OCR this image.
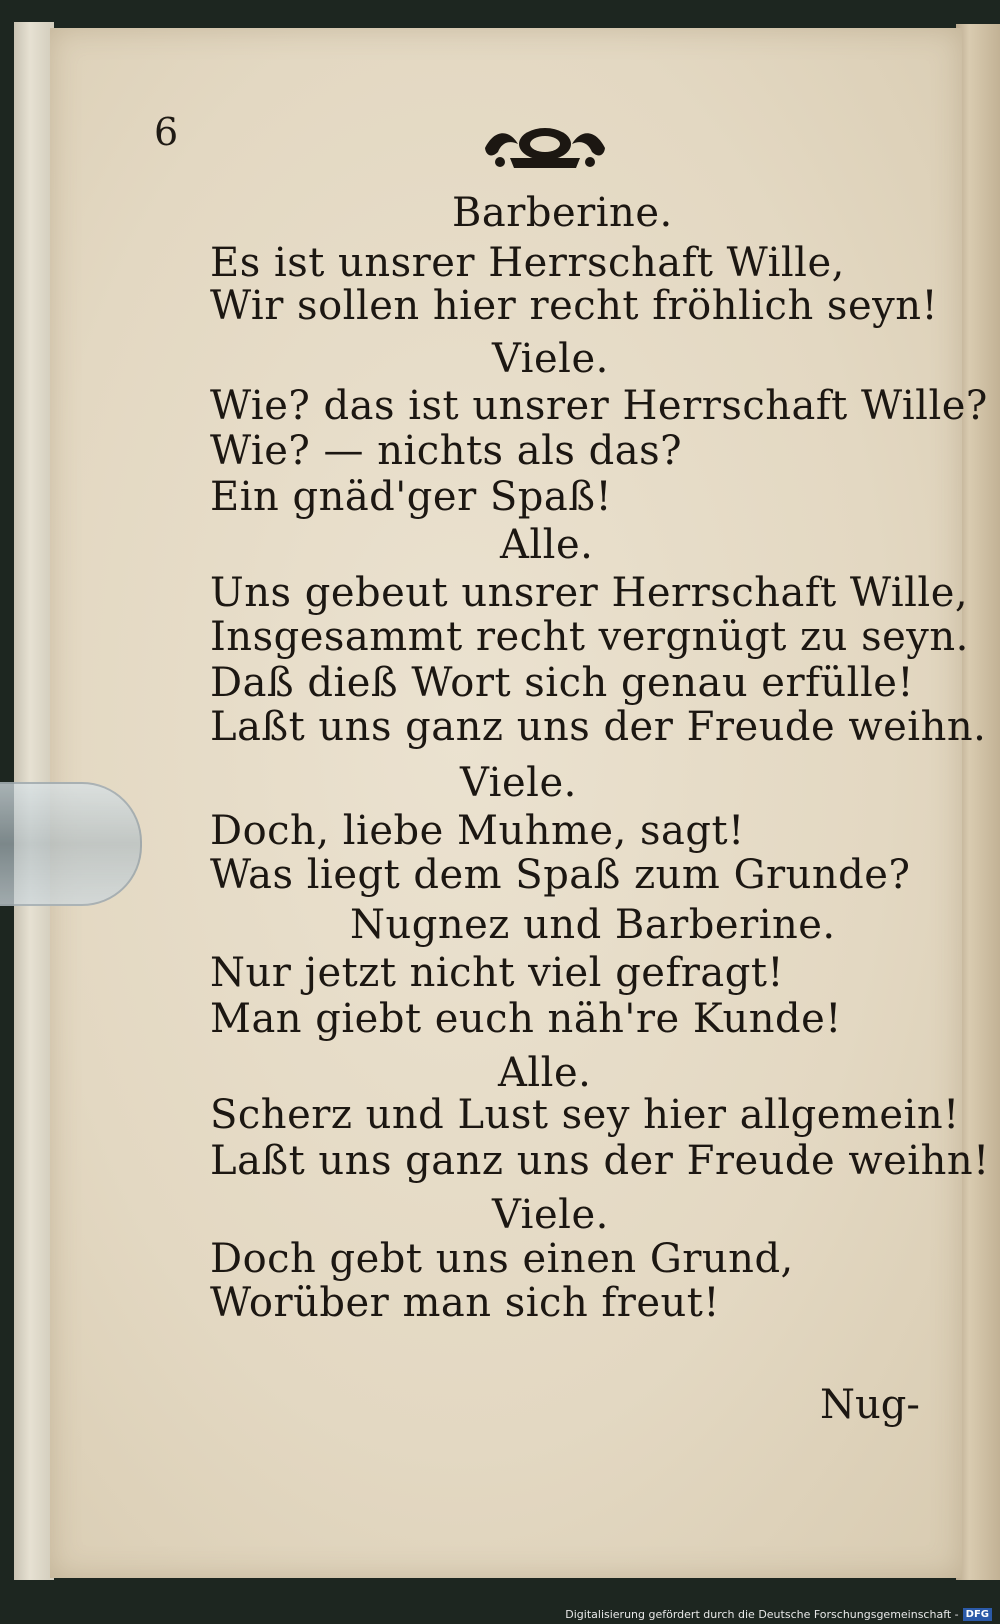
6
Barberine.
Es ist unsrer Herrschaft Wille,
Wir sollen hier recht fröhlich seyn!
Viele.
Wie? das ist unsrer Herrschaft Wille?
Wie? — nichts als das?
Ein gnäd'ger Spaß!
Alle.
Uns gebeut unsrer Herrschaft Wille,
Insgesammt recht vergnügt zu seyn.
Daß dieß Wort sich genau erfülle!
Laßt uns ganz uns der Freude weihn.
Viele.
Doch, liebe Muhme, sagt!
Was liegt dem Spaß zum Grunde?
Nugnez und Barberine.
Nur jetzt nicht viel gefragt!
Man giebt euch näh're Kunde!
Alle.
Scherz und Lust sey hier allgemein!
Laßt uns ganz uns der Freude weihn!
Viele.
Doch gebt uns einen Grund,
Worüber man sich freut!
Nug-
Digitalisierung gefördert durch die Deutsche Forschungsgemeinschaft - DFG
